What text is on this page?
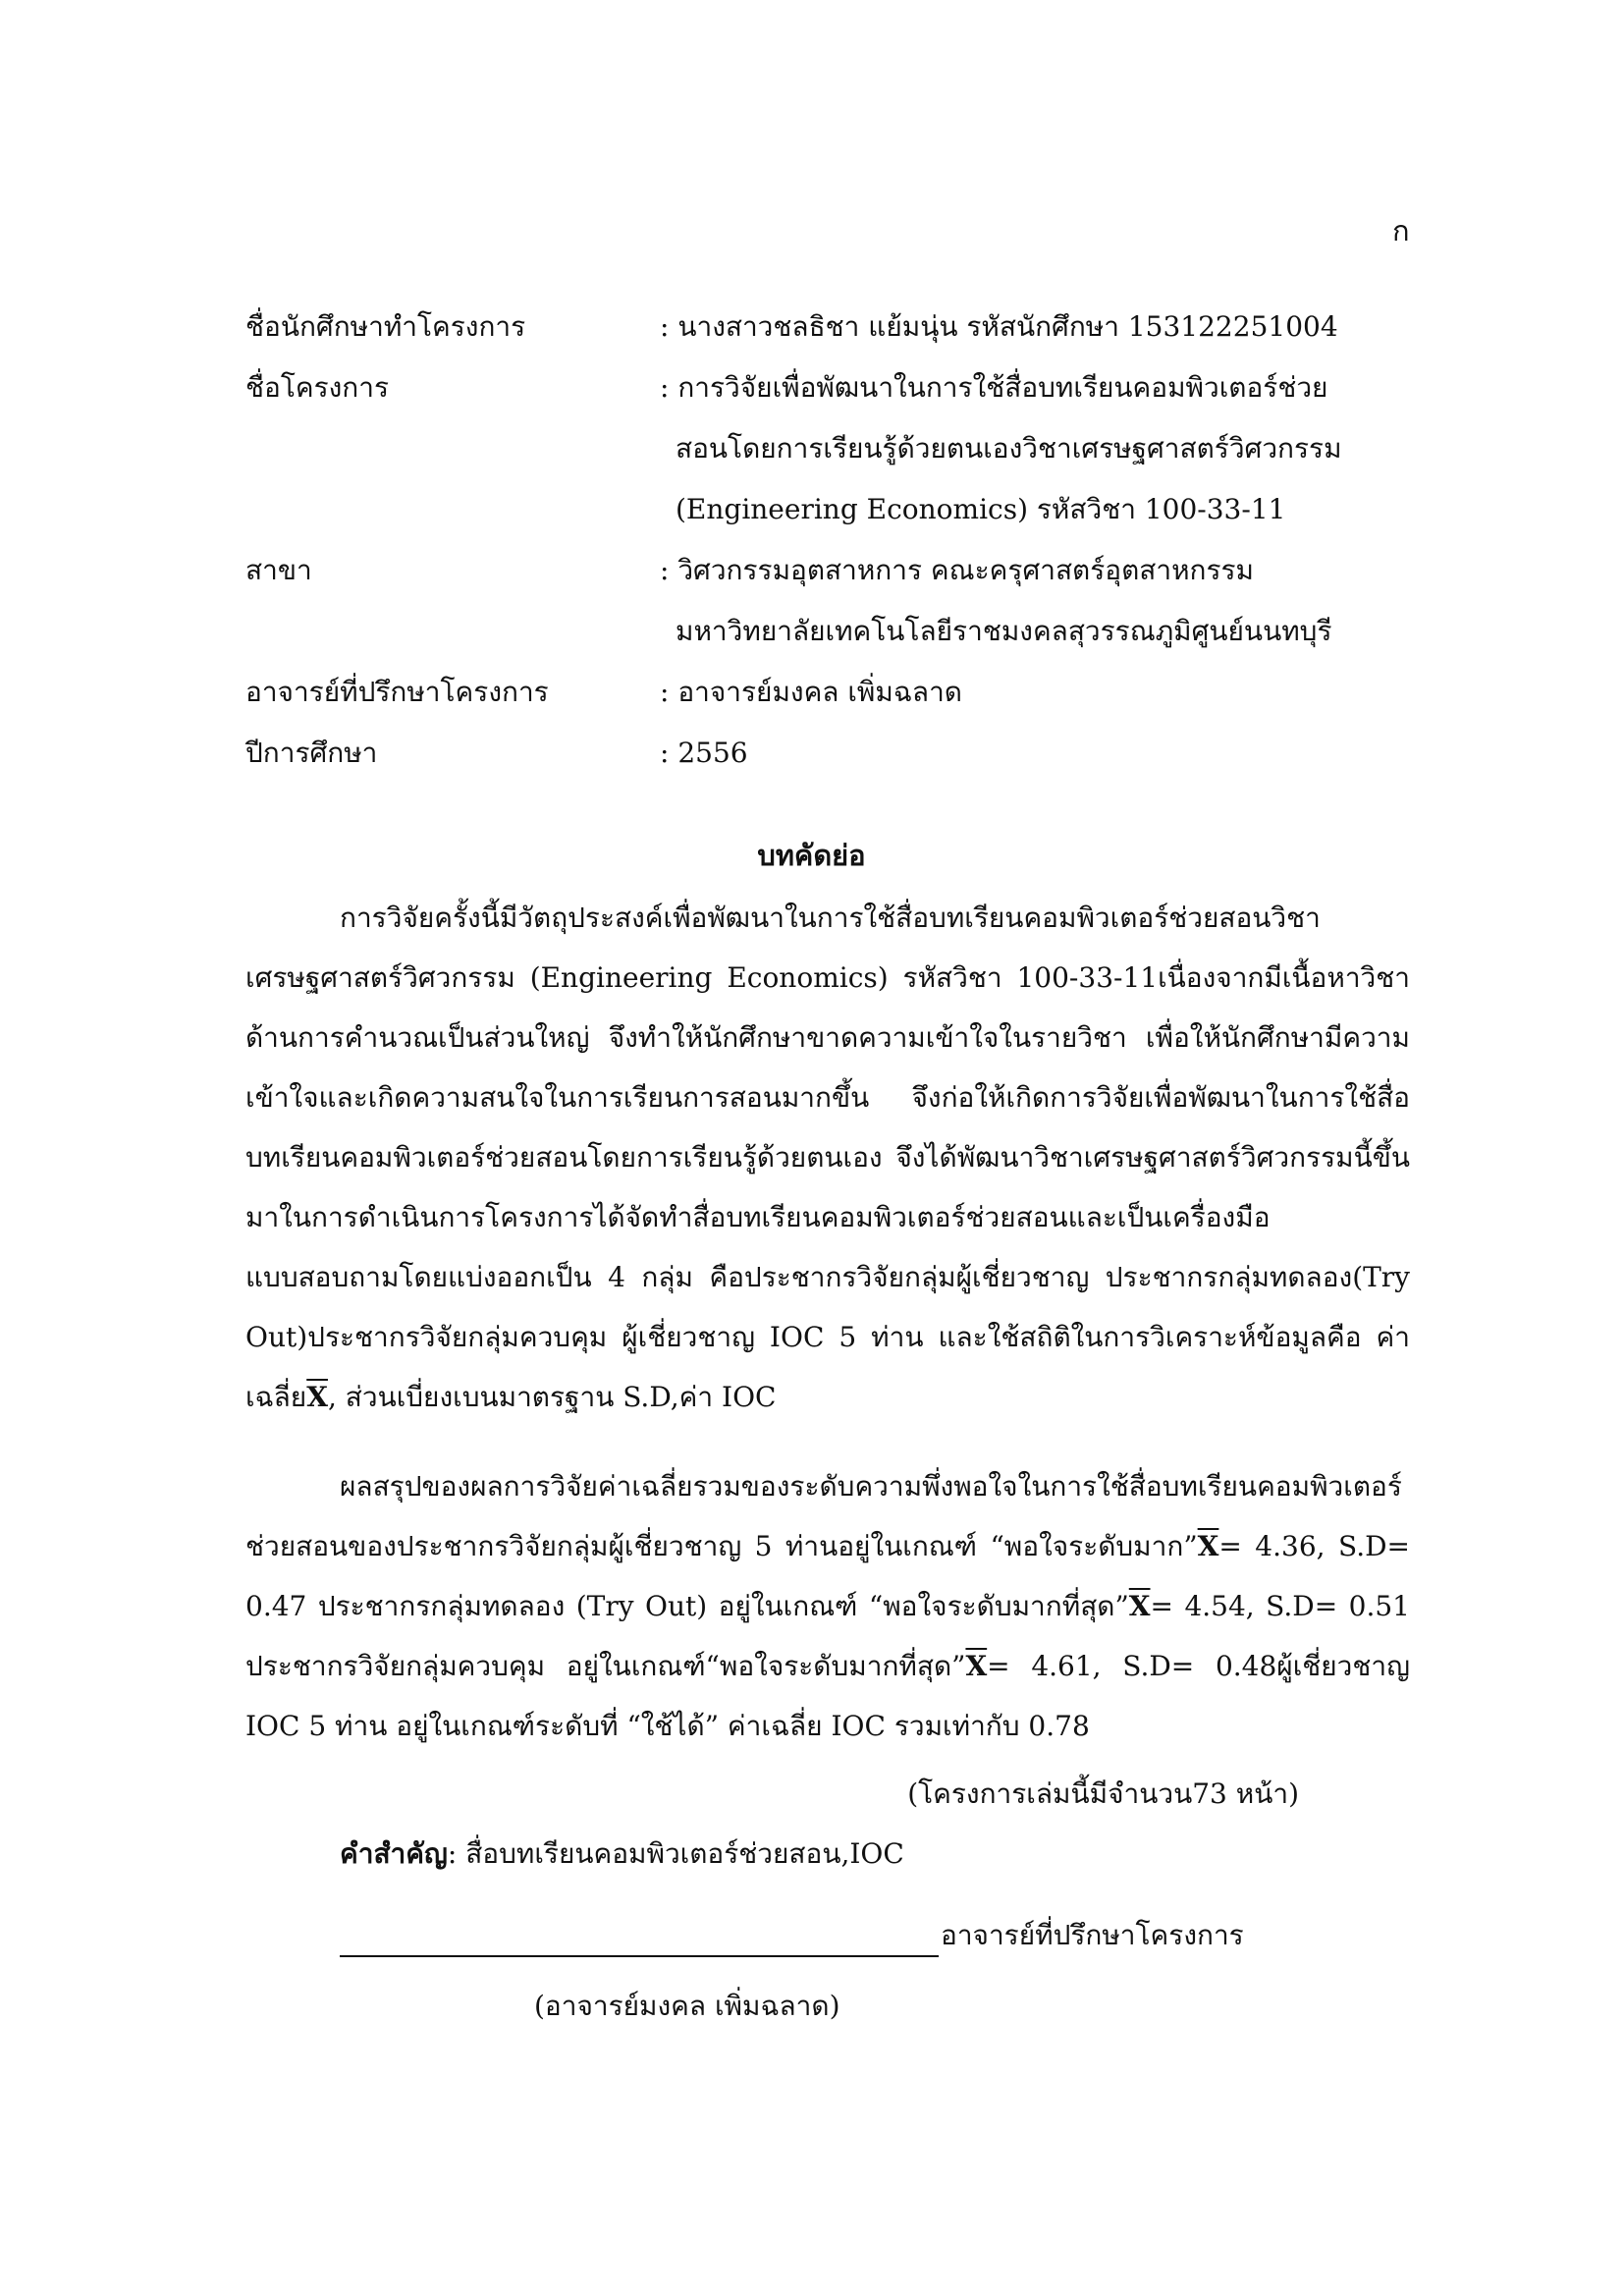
ก
ชื่อนักศึกษาทำโครงการ	: นางสาวชลธิชา แย้มนุ่น รหัสนักศึกษา 153122251004
ชื่อโครงการ	: การวิจัยเพื่อพัฒนาในการใช้สื่อบทเรียนคอมพิวเตอร์ช่วย
สอนโดยการเรียนรู้ด้วยตนเองวิชาเศรษฐศาสตร์วิศวกรรม
(Engineering Economics) รหัสวิชา 100-33-11
สาขา	: วิศวกรรมอุตสาหการ คณะครุศาสตร์อุตสาหกรรม
มหาวิทยาลัยเทคโนโลยีราชมงคลสุวรรณภูมิศูนย์นนทบุรี
อาจารย์ที่ปรึกษาโครงการ	: อาจารย์มงคล เพิ่มฉลาด
ปีการศึกษา	: 2556
บทคัดย่อ

การวิจัยครั้งนี้มีวัตถุประสงค์เพื่อพัฒนาในการใช้สื่อบทเรียนคอมพิวเตอร์ช่วยสอนวิชาเศรษฐศาสตร์วิศวกรรม (Engineering Economics) รหัสวิชา 100-33-11เนื่องจากมีเนื้อหาวิชาด้านการคำนวณเป็นส่วนใหญ่ จึงทำให้นักศึกษาขาดความเข้าใจในรายวิชา เพื่อให้นักศึกษามีความเข้าใจและเกิดความสนใจในการเรียนการสอนมากขึ้น จึงก่อให้เกิดการวิจัยเพื่อพัฒนาในการใช้สื่อบทเรียนคอมพิวเตอร์ช่วยสอนโดยการเรียนรู้ด้วยตนเอง จึงได้พัฒนาวิชาเศรษฐศาสตร์วิศวกรรมนี้ขึ้นมาในการดำเนินการโครงการได้จัดทำสื่อบทเรียนคอมพิวเตอร์ช่วยสอนและเป็นเครื่องมือแบบสอบถามโดยแบ่งออกเป็น 4 กลุ่ม คือประชากรวิจัยกลุ่มผู้เชี่ยวชาญ ประชากรกลุ่มทดลอง(Try Out)ประชากรวิจัยกลุ่มควบคุม ผู้เชี่ยวชาญ IOC 5 ท่าน และใช้สถิติในการวิเคราะห์ข้อมูลคือ ค่าเฉลี่ย$\overline{X}$, ส่วนเบี่ยงเบนมาตรฐาน S.D,ค่า IOC

ผลสรุปของผลการวิจัยค่าเฉลี่ยรวมของระดับความพึ่งพอใจในการใช้สื่อบทเรียนคอมพิวเตอร์ช่วยสอนของประชากรวิจัยกลุ่มผู้เชี่ยวชาญ 5 ท่านอยู่ในเกณฑ์ “พอใจระดับมาก$”\overline{X}= 4.36$, S.D= 0.47 ประชากรกลุ่มทดลอง (Try Out) อยู่ในเกณฑ์ “พอใจระดับมากที่สุด$”\overline{X}= 4.54$, S.D= 0.51 ประชากรวิจัยกลุ่มควบคุม อยู่ในเกณฑ์“พอใจระดับมากที่สุด$”\overline{X}= 4.61$, S.D= 0.48ผู้เชี่ยวชาญ IOC 5 ท่าน อยู่ในเกณฑ์ระดับที่ “ใช้ได้” ค่าเฉลี่ย IOC รวมเท่ากับ 0.78

(โครงการเล่มนี้มีจำนวน73 หน้า)
คำสำคัญ: สื่อบทเรียนคอมพิวเตอร์ช่วยสอน,IOC
อาจารย์ที่ปรึกษาโครงการ
(อาจารย์มงคล เพิ่มฉลาด)
